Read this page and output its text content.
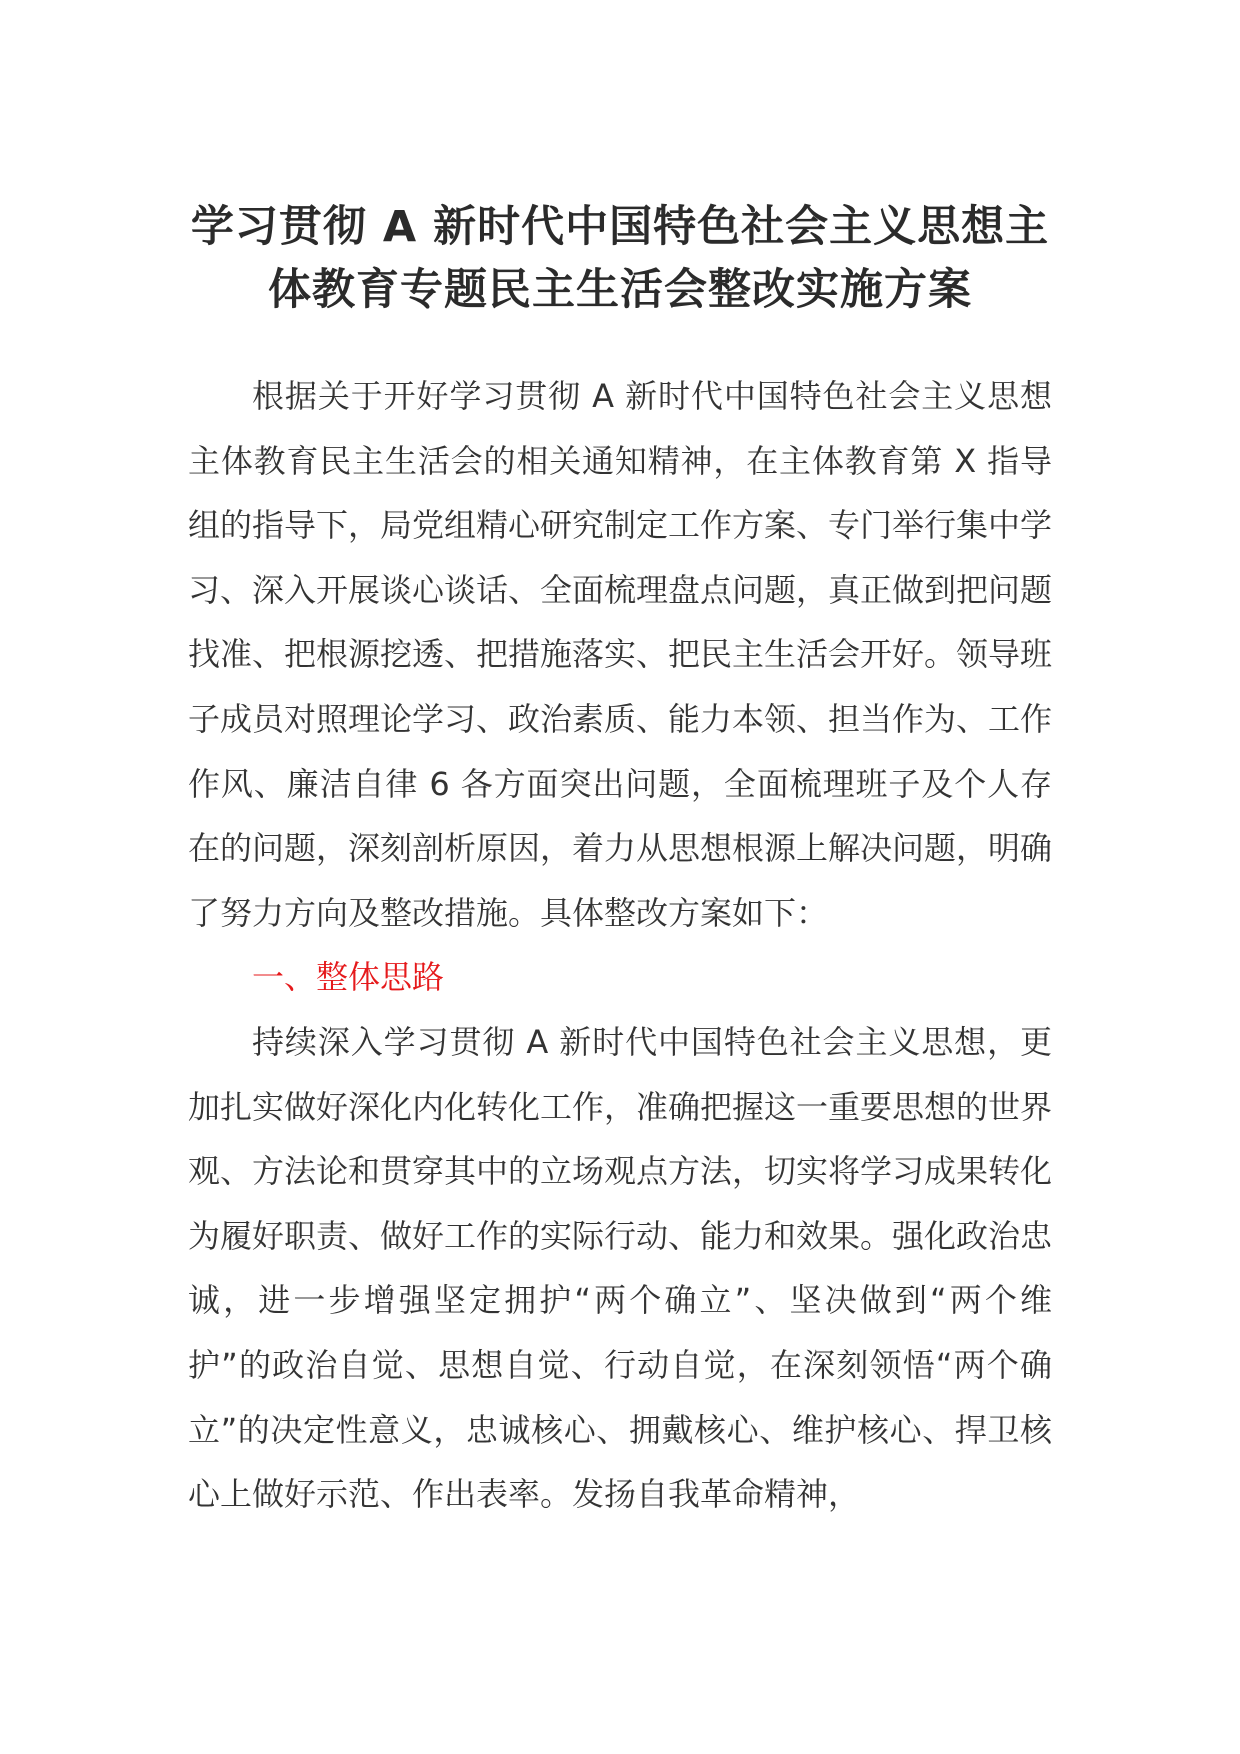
学习贯彻 A 新时代中国特色社会主义思想主
体教育专题民主生活会整改实施方案

根据关于开好学习贯彻 A 新时代中国特色社会主义思想主体教育民主生活会的相关通知精神，在主体教育第 X 指导组的指导下，局党组精心研究制定工作方案、专门举行集中学习、深入开展谈心谈话、全面梳理盘点问题，真正做到把问题找准、把根源挖透、把措施落实、把民主生活会开好。领导班子成员对照理论学习、政治素质、能力本领、担当作为、工作作风、廉洁自律 6 各方面突出问题，全面梳理班子及个人存在的问题，深刻剖析原因，着力从思想根源上解决问题，明确了努力方向及整改措施。具体整改方案如下：

一、整体思路

持续深入学习贯彻 A 新时代中国特色社会主义思想，更加扎实做好深化内化转化工作，准确把握这一重要思想的世界观、方法论和贯穿其中的立场观点方法，切实将学习成果转化为履好职责、做好工作的实际行动、能力和效果。强化政治忠诚，进一步增强坚定拥护“两个确立”、坚决做到“两个维护”的政治自觉、思想自觉、行动自觉，在深刻领悟“两个确立”的决定性意义，忠诚核心、拥戴核心、维护核心、捍卫核心上做好示范、作出表率。发扬自我革命精神，
